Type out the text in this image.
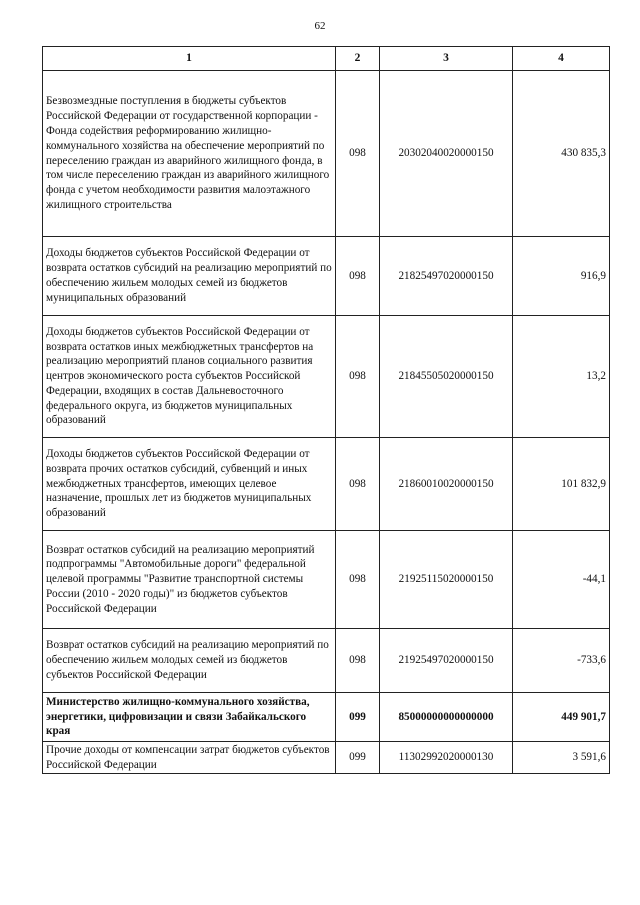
62
1	2	3	4
Безвозмездные поступления в бюджеты субъектов Российской Федерации от государственной корпорации - Фонда содействия реформированию жилищно-коммунального хозяйства на обеспечение мероприятий по переселению граждан из аварийного жилищного фонда, в том числе переселению граждан из аварийного жилищного фонда с учетом необходимости развития малоэтажного жилищного строительства	098	20302040020000150	430 835,3
Доходы бюджетов субъектов Российской Федерации от возврата остатков субсидий на реализацию мероприятий по обеспечению жильем молодых семей из бюджетов муниципальных образований	098	21825497020000150	916,9
Доходы бюджетов субъектов Российской Федерации от возврата остатков иных межбюджетных трансфертов на реализацию мероприятий планов социального развития центров экономического роста субъектов Российской Федерации, входящих в состав Дальневосточного федерального округа, из бюджетов муниципальных образований	098	21845505020000150	13,2
Доходы бюджетов субъектов Российской Федерации от возврата прочих остатков субсидий, субвенций и иных межбюджетных трансфертов, имеющих целевое назначение, прошлых лет из бюджетов муниципальных образований	098	21860010020000150	101 832,9
Возврат остатков субсидий на реализацию мероприятий подпрограммы "Автомобильные дороги" федеральной целевой программы "Развитие транспортной системы России (2010 - 2020 годы)" из бюджетов субъектов Российской Федерации	098	21925115020000150	-44,1
Возврат остатков субсидий на реализацию мероприятий по обеспечению жильем молодых семей из бюджетов субъектов Российской Федерации	098	21925497020000150	-733,6
Министерство жилищно-коммунального хозяйства, энергетики, цифровизации и связи Забайкальского края	099	85000000000000000	449 901,7
Прочие доходы от компенсации затрат бюджетов субъектов Российской Федерации	099	11302992020000130	3 591,6
